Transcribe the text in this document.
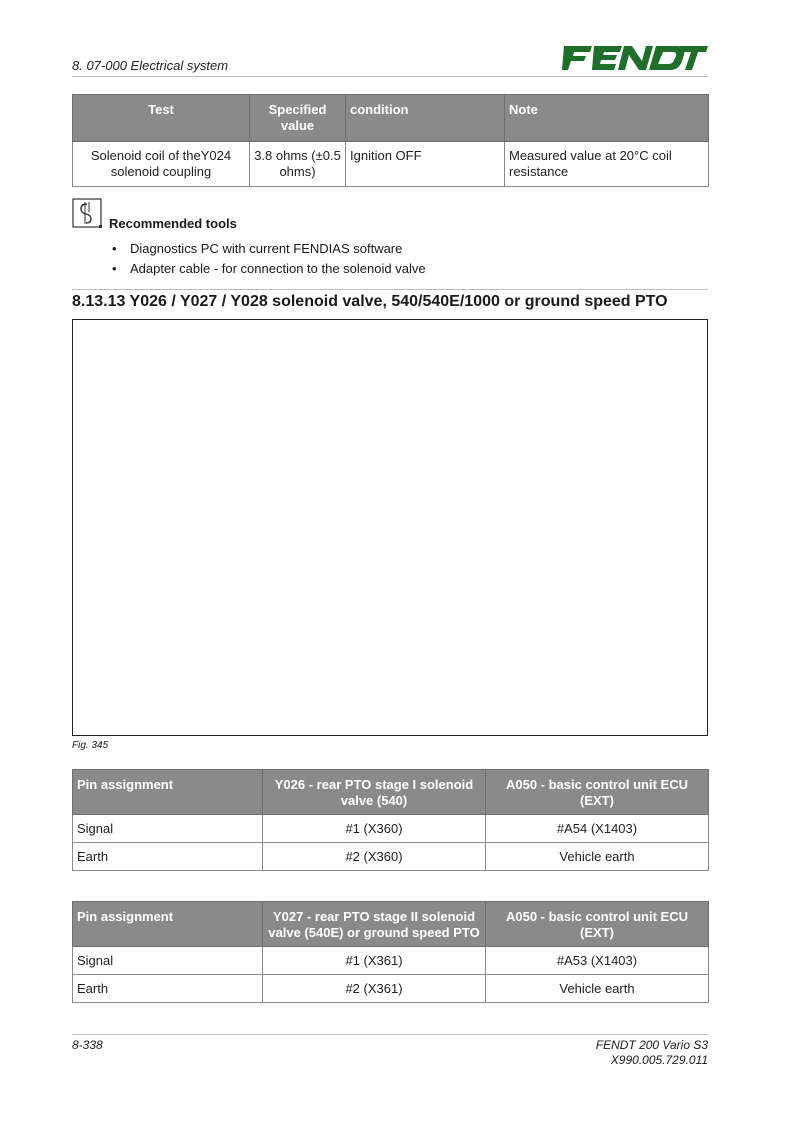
8. 07-000 Electrical system
Test	Specified value	condition	Note
Solenoid coil of theY024 solenoid coupling	3.8 ohms (±0.5 ohms)	Ignition OFF	Measured value at 20°C coil resistance
Recommended tools
• Diagnostics PC with current FENDIAS software
• Adapter cable - for connection to the solenoid valve
8.13.13 Y026 / Y027 / Y028 solenoid valve, 540/540E/1000 or ground speed PTO
Fig. 345
Pin assignment	Y026 - rear PTO stage I solenoid valve (540)	A050 - basic control unit ECU (EXT)
Signal	#1 (X360)	#A54 (X1403)
Earth	#2 (X360)	Vehicle earth
Pin assignment	Y027 - rear PTO stage II solenoid valve (540E) or ground speed PTO	A050 - basic control unit ECU (EXT)
Signal	#1 (X361)	#A53 (X1403)
Earth	#2 (X361)	Vehicle earth
8-338	FENDT 200 Vario S3
X990.005.729.011
